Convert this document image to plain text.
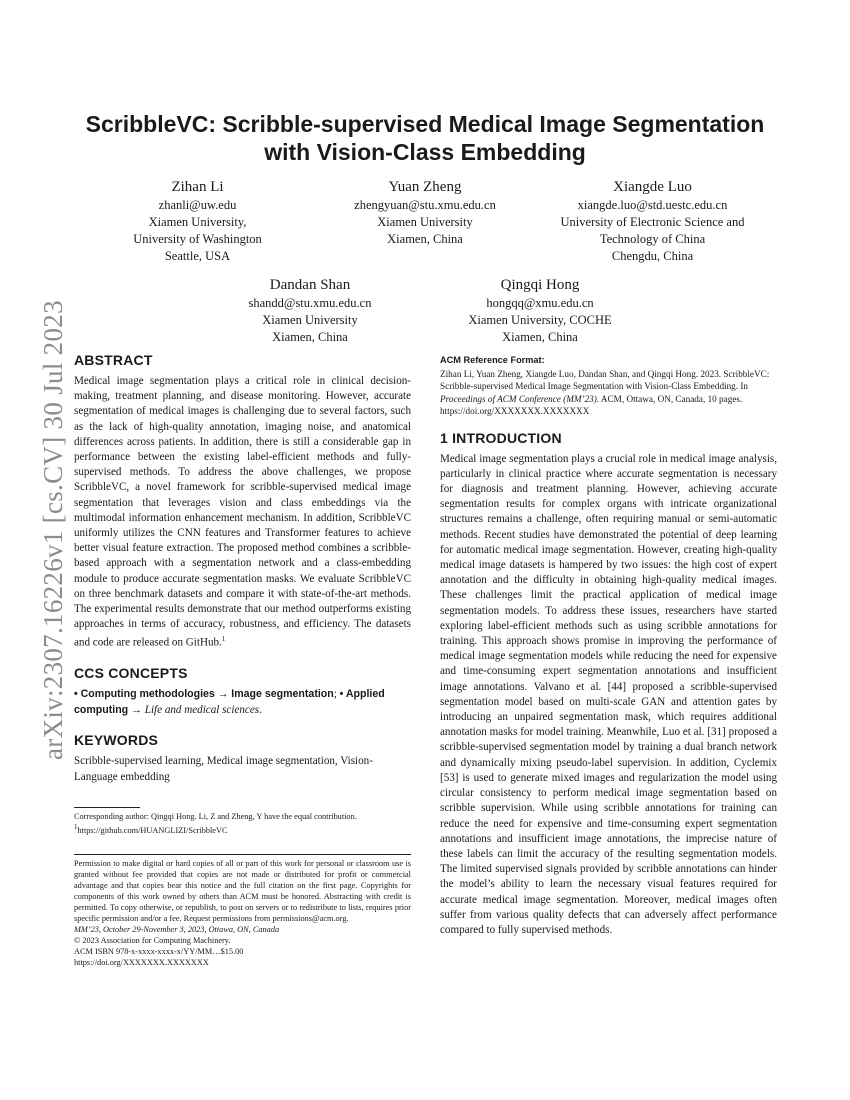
arXiv:2307.16226v1 [cs.CV] 30 Jul 2023
ScribbleVC: Scribble-supervised Medical Image Segmentation with Vision-Class Embedding
Zihan Li
zhanli@uw.edu
Xiamen University,
University of Washington
Seattle, USA
Yuan Zheng
zhengyuan@stu.xmu.edu.cn
Xiamen University
Xiamen, China
Xiangde Luo
xiangde.luo@std.uestc.edu.cn
University of Electronic Science and
Technology of China
Chengdu, China
Dandan Shan
shandd@stu.xmu.edu.cn
Xiamen University
Xiamen, China
Qingqi Hong
hongqq@xmu.edu.cn
Xiamen University, COCHE
Xiamen, China
ABSTRACT

Medical image segmentation plays a critical role in clinical decision-making, treatment planning, and disease monitoring. However, accurate segmentation of medical images is challenging due to several factors, such as the lack of high-quality annotation, imaging noise, and anatomical differences across patients. In addition, there is still a considerable gap in performance between the existing label-efficient methods and fully-supervised methods. To address the above challenges, we propose ScribbleVC, a novel framework for scribble-supervised medical image segmentation that leverages vision and class embeddings via the multimodal information enhancement mechanism. In addition, ScribbleVC uniformly utilizes the CNN features and Transformer features to achieve better visual feature extraction. The proposed method combines a scribble-based approach with a segmentation network and a class-embedding module to produce accurate segmentation masks. We evaluate ScribbleVC on three benchmark datasets and compare it with state-of-the-art methods. The experimental results demonstrate that our method outperforms existing approaches in terms of accuracy, robustness, and efficiency. The datasets and code are released on GitHub.$^1$

CCS CONCEPTS

• Computing methodologies → Image segmentation; • Applied computing → Life and medical sciences.

KEYWORDS

Scribble-supervised learning, Medical image segmentation, Vision-Language embedding

Corresponding author: Qingqi Hong. Li, Z and Zheng, Y have the equal contribution.

$^1$https://github.com/HUANGLIZI/ScribbleVC

Permission to make digital or hard copies of all or part of this work for personal or classroom use is granted without fee provided that copies are not made or distributed for profit or commercial advantage and that copies bear this notice and the full citation on the first page. Copyrights for components of this work owned by others than ACM must be honored. Abstracting with credit is permitted. To copy otherwise, or republish, to post on servers or to redistribute to lists, requires prior specific permission and/or a fee. Request permissions from permissions@acm.org.

MM’23, October 29-November 3, 2023, Ottawa, ON, Canada

© 2023 Association for Computing Machinery.

ACM ISBN 978-x-xxxx-xxxx-x/YY/MM…$15.00

https://doi.org/XXXXXXX.XXXXXXX

ACM Reference Format:

Zihan Li, Yuan Zheng, Xiangde Luo, Dandan Shan, and Qingqi Hong. 2023. ScribbleVC: Scribble-supervised Medical Image Segmentation with Vision-Class Embedding. In Proceedings of ACM Conference (MM’23). ACM, Ottawa, ON, Canada, 10 pages. https://doi.org/XXXXXXX.XXXXXXX

1 INTRODUCTION

Medical image segmentation plays a crucial role in medical image analysis, particularly in clinical practice where accurate segmentation is necessary for diagnosis and treatment planning. However, achieving accurate segmentation results for complex organs with intricate organizational structures remains a challenge, often requiring manual or semi-automatic methods. Recent studies have demonstrated the potential of deep learning for automatic medical image segmentation. However, creating high-quality medical image datasets is hampered by two issues: the high cost of expert annotation and the difficulty in obtaining high-quality medical images. These challenges limit the practical application of medical image segmentation models. To address these issues, researchers have started exploring label-efficient methods such as using scribble annotations for training. This approach shows promise in improving the performance of medical image segmentation models while reducing the need for expensive and time-consuming expert segmentation annotations and insufficient image annotations. Valvano et al. [44] proposed a scribble-supervised segmentation model based on multi-scale GAN and attention gates by introducing an unpaired segmentation mask, which requires additional annotation masks for model training. Meanwhile, Luo et al. [31] proposed a scribble-supervised segmentation model by training a dual branch network and dynamically mixing pseudo-label supervision. In addition, Cyclemix [53] is used to generate mixed images and regularization the model using circular consistency to perform medical image segmentation based on scribble supervision. While using scribble annotations for training can reduce the need for expensive and time-consuming expert segmentation annotations and insufficient image annotations, the imprecise nature of these labels can limit the accuracy of the resulting segmentation models. The limited supervised signals provided by scribble annotations can hinder the model’s ability to learn the necessary visual features required for accurate medical image segmentation. Moreover, medical images often suffer from various quality defects that can adversely affect performance compared to fully supervised methods.
